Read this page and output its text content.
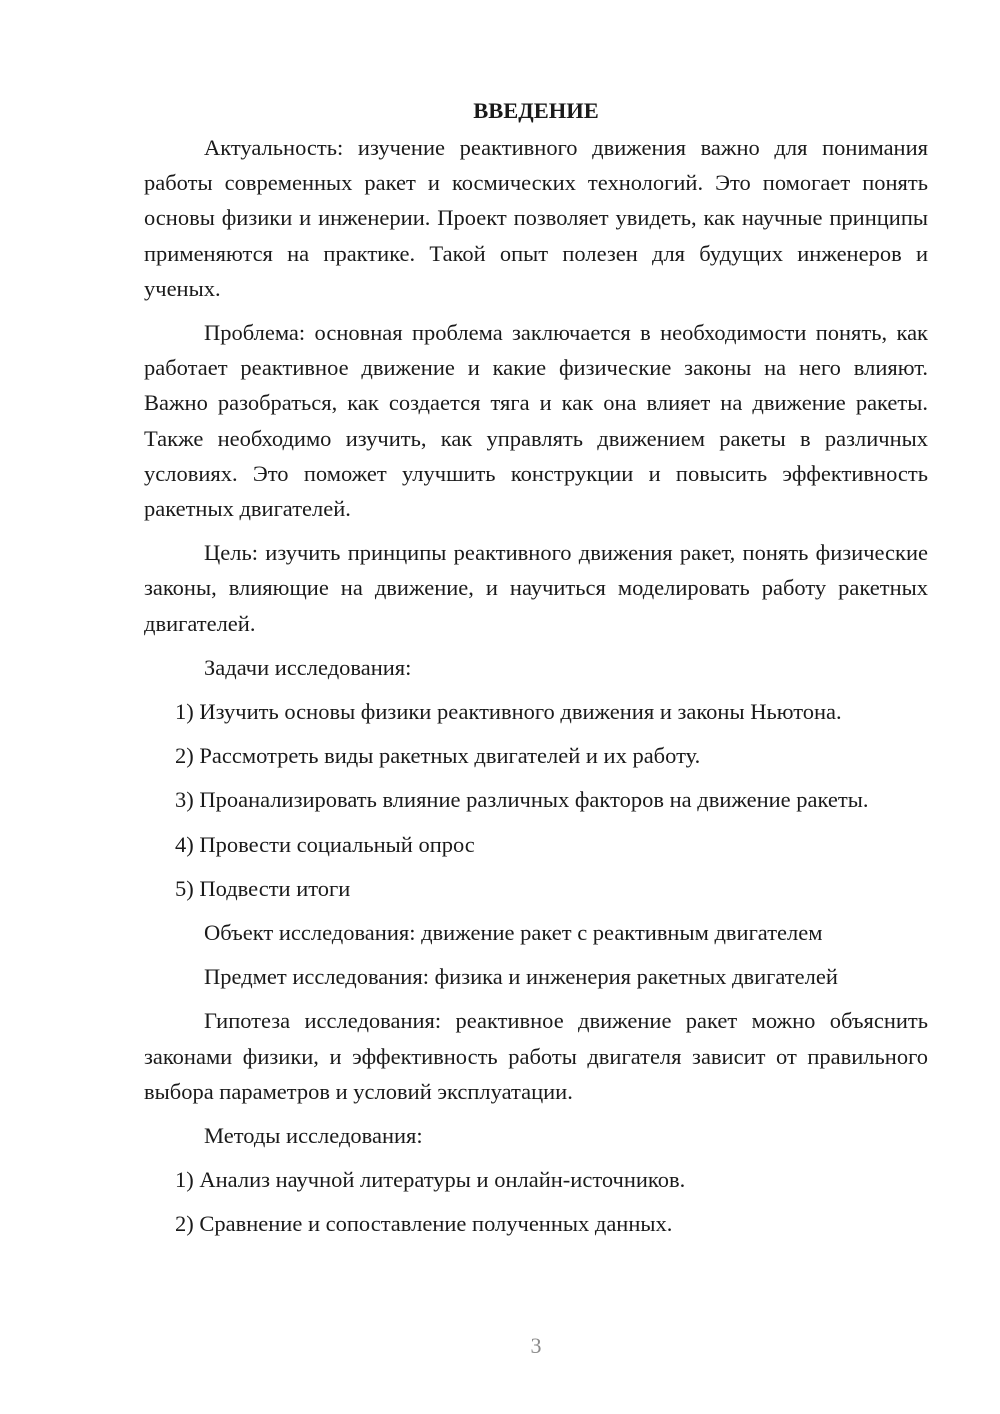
ВВЕДЕНИЕ

Актуальность: изучение реактивного движения важно для понимания работы современных ракет и космических технологий. Это помогает понять основы физики и инженерии. Проект позволяет увидеть, как научные принципы применяются на практике. Такой опыт полезен для будущих инженеров и ученых.

Проблема: основная проблема заключается в необходимости понять, как работает реактивное движение и какие физические законы на него влияют. Важно разобраться, как создается тяга и как она влияет на движение ракеты. Также необходимо изучить, как управлять движением ракеты в различных условиях. Это поможет улучшить конструкции и повысить эффективность ракетных двигателей.

Цель: изучить принципы реактивного движения ракет, понять физические законы, влияющие на движение, и научиться моделировать работу ракетных двигателей.

Задачи исследования:

1) Изучить основы физики реактивного движения и законы Ньютона.

2) Рассмотреть виды ракетных двигателей и их работу.

3) Проанализировать влияние различных факторов на движение ракеты.

4) Провести социальный опрос

5) Подвести итоги

Объект исследования: движение ракет с реактивным двигателем

Предмет исследования: физика и инженерия ракетных двигателей

Гипотеза исследования: реактивное движение ракет можно объяснить законами физики, и эффективность работы двигателя зависит от правильного выбора параметров и условий эксплуатации.

Методы исследования:

1) Анализ научной литературы и онлайн-источников.

2) Сравнение и сопоставление полученных данных.

3
